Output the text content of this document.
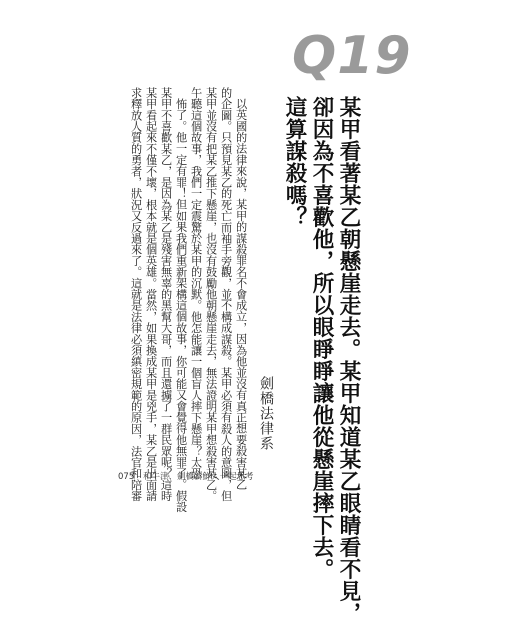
Q19
某甲看著某乙朝懸崖走去。某甲知道某乙眼睛看不見，
卻因為不喜歡他，所以眼睜睜讓他從懸崖摔下去。
這算謀殺嗎？
劍橋法律系
以英國的法律來說，某甲的謀殺罪名不會成立，因為他並沒有真正想要殺害某乙
的企圖。只預見某乙的死亡而袖手旁觀，並不構成謀殺。某甲必須有殺人的意圖，但
某甲並沒有把某乙推下懸崖，也沒有鼓勵他朝懸崖走去，無法證明某甲想殺害某乙。
午聽這個故事，我們一定震驚於某甲的沉默。他怎能讓一個盲人摔下懸崖？太恐
怖了。他一定有罪！但如果我們重新架構這個故事，你可能又會覺得他無罪了。假設
某甲不喜歡某乙，是因為某乙是殘害無辜的黑幫大哥，而且還擄了一群民眾呢？這時
某甲看起來不僅不壞，根本就是個英雄。當然，如果換成某甲是兇手，某乙是出面請
求釋放人質的勇者，狀況又反過來了。這就是法律必須縝密規範的原因，法官和陪審
075 和牛津、劍橋新鮮人一起思考
